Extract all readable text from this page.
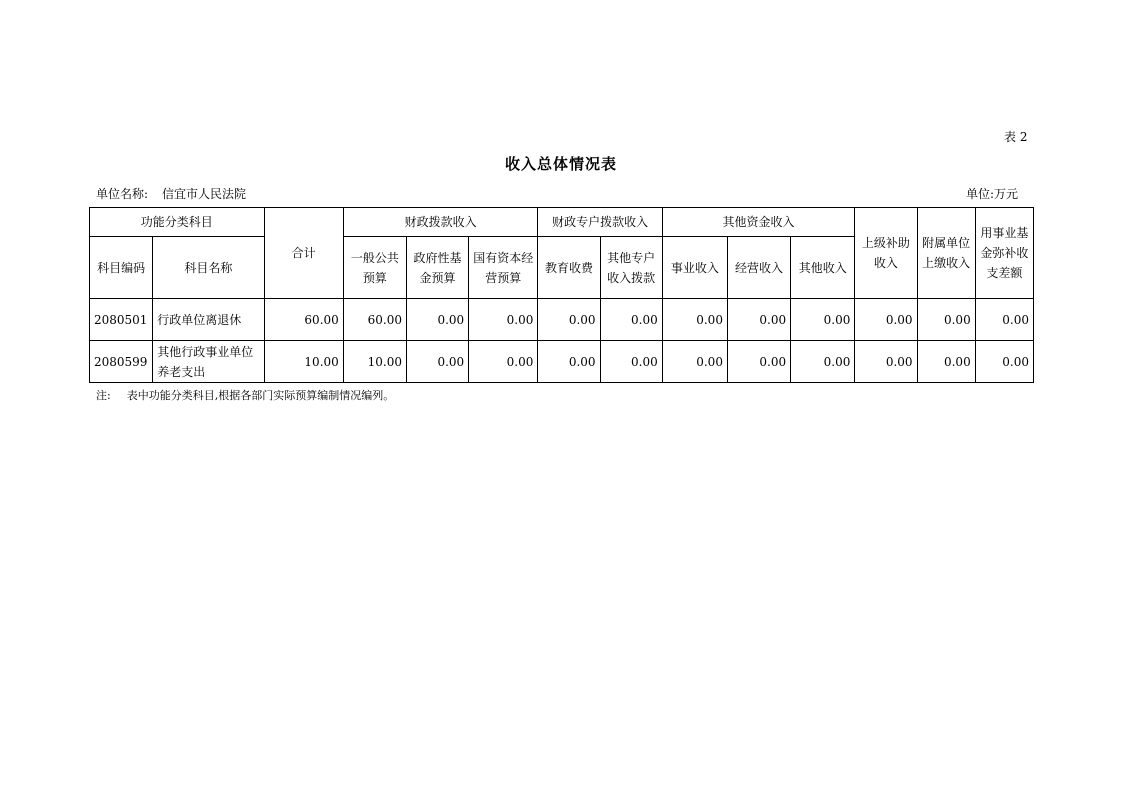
表 2
收入总体情况表
单位名称: 信宜市人民法院	单位:万元
功能分类科目		合计	财政拨款收入			财政专户拨款收入		其他资金收入			上级补助收入	附属单位上缴收入	用事业基金弥补收支差额
科目编码	科目名称		一般公共预算	政府性基金预算	国有资本经营预算	教育收费	其他专户收入拨款	事业收入	经营收入	其他收入			
2080501	行政单位离退休	60.00	60.00	0.00	0.00	0.00	0.00	0.00	0.00	0.00	0.00	0.00	0.00
2080599	其他行政事业单位养老支出	10.00	10.00	0.00	0.00	0.00	0.00	0.00	0.00	0.00	0.00	0.00	0.00
注: 表中功能分类科目,根据各部门实际预算编制情况编列。
